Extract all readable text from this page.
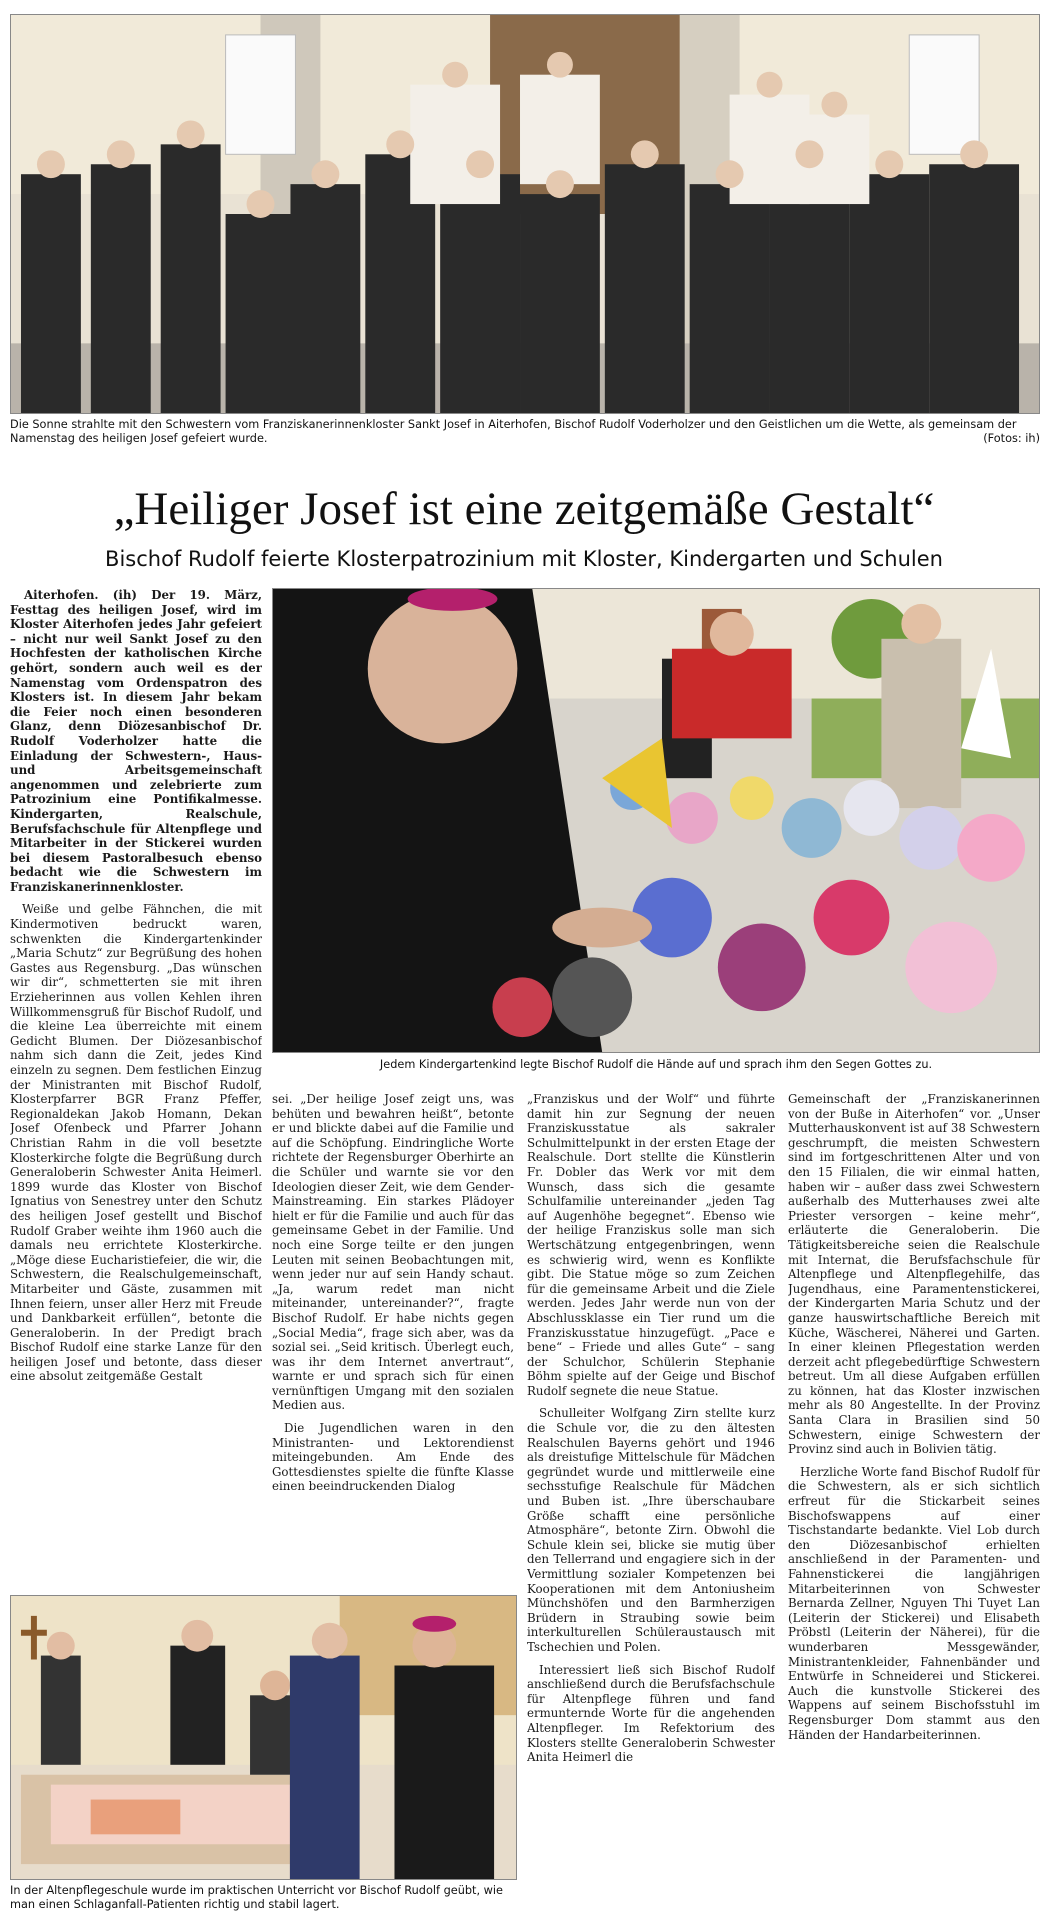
Die Sonne strahlte mit den Schwestern vom Franziskanerinnenkloster Sankt Josef in Aiterhofen, Bischof Rudolf Voderholzer und den Geistlichen um die Wette, als gemeinsam der Namenstag des heiligen Josef gefeiert wurde.	(Fotos: ih)
„Heiliger Josef ist eine zeitgemäße Gestalt“
Bischof Rudolf feierte Klosterpatrozinium mit Kloster, Kindergarten und Schulen
Jedem Kindergartenkind legte Bischof Rudolf die Hände auf und sprach ihm den Segen Gottes zu.
In der Altenpflegeschule wurde im praktischen Unterricht vor Bischof Rudolf geübt, wie man einen Schlaganfall-Patienten richtig und stabil lagert.

Aiterhofen. (ih) Der 19. März, Festtag des heiligen Josef, wird im Kloster Aiterhofen jedes Jahr gefeiert – nicht nur weil Sankt Josef zu den Hochfesten der katholischen Kirche gehört, sondern auch weil es der Namenstag vom Ordenspatron des Klosters ist. In diesem Jahr bekam die Feier noch einen besonderen Glanz, denn Diözesanbischof Dr. Rudolf Voderholzer hatte die Einladung der Schwestern-, Haus- und Arbeitsgemeinschaft angenommen und zelebrierte zum Patrozinium eine Pontifikalmesse. Kindergarten, Realschule, Berufsfachschule für Altenpflege und Mitarbeiter in der Stickerei wurden bei diesem Pastoralbesuch ebenso bedacht wie die Schwestern im Franziskanerinnenkloster.

Weiße und gelbe Fähnchen, die mit Kindermotiven bedruckt waren, schwenkten die Kindergartenkinder „Maria Schutz“ zur Begrüßung des hohen Gastes aus Regensburg. „Das wünschen wir dir“, schmetterten sie mit ihren Erzieherinnen aus vollen Kehlen ihren Willkommensgruß für Bischof Rudolf, und die kleine Lea überreichte mit einem Gedicht Blumen. Der Diözesanbischof nahm sich dann die Zeit, jedes Kind einzeln zu segnen. Dem festlichen Einzug der Ministranten mit Bischof Rudolf, Klosterpfarrer BGR Franz Pfeffer, Regionaldekan Jakob Homann, Dekan Josef Ofenbeck und Pfarrer Johann Christian Rahm in die voll besetzte Klosterkirche folgte die Begrüßung durch Generaloberin Schwester Anita Heimerl. 1899 wurde das Kloster von Bischof Ignatius von Senestrey unter den Schutz des heiligen Josef gestellt und Bischof Rudolf Graber weihte ihm 1960 auch die damals neu errichtete Klosterkirche. „Möge diese Eucharistiefeier, die wir, die Schwestern, die Realschulgemeinschaft, Mitarbeiter und Gäste, zusammen mit Ihnen feiern, unser aller Herz mit Freude und Dankbarkeit erfüllen“, betonte die Generaloberin. In der Predigt brach Bischof Rudolf eine starke Lanze für den heiligen Josef und betonte, dass dieser eine absolut zeitgemäße Gestalt

sei. „Der heilige Josef zeigt uns, was behüten und bewahren heißt“, betonte er und blickte dabei auf die Familie und auf die Schöpfung. Eindringliche Worte richtete der Regensburger Oberhirte an die Schüler und warnte sie vor den Ideologien dieser Zeit, wie dem Gender-Mainstreaming. Ein starkes Plädoyer hielt er für die Familie und auch für das gemeinsame Gebet in der Familie. Und noch eine Sorge teilte er den jungen Leuten mit seinen Beobachtungen mit, wenn jeder nur auf sein Handy schaut. „Ja, warum redet man nicht miteinander, untereinander?“, fragte Bischof Rudolf. Er habe nichts gegen „Social Media“, frage sich aber, was da sozial sei. „Seid kritisch. Überlegt euch, was ihr dem Internet anvertraut“, warnte er und sprach sich für einen vernünftigen Umgang mit den sozialen Medien aus.

Die Jugendlichen waren in den Ministranten- und Lektorendienst miteingebunden. Am Ende des Gottesdienstes spielte die fünfte Klasse einen beeindruckenden Dialog

„Franziskus und der Wolf“ und führte damit hin zur Segnung der neuen Franziskusstatue als sakraler Schulmittelpunkt in der ersten Etage der Realschule. Dort stellte die Künstlerin Fr. Dobler das Werk vor mit dem Wunsch, dass sich die gesamte Schulfamilie untereinander „jeden Tag auf Augenhöhe begegnet“. Ebenso wie der heilige Franziskus solle man sich Wertschätzung entgegenbringen, wenn es schwierig wird, wenn es Konflikte gibt. Die Statue möge so zum Zeichen für die gemeinsame Arbeit und die Ziele werden. Jedes Jahr werde nun von der Abschlussklasse ein Tier rund um die Franziskusstatue hinzugefügt. „Pace e bene“ – Friede und alles Gute“ – sang der Schulchor, Schülerin Stephanie Böhm spielte auf der Geige und Bischof Rudolf segnete die neue Statue.

Schulleiter Wolfgang Zirn stellte kurz die Schule vor, die zu den ältesten Realschulen Bayerns gehört und 1946 als dreistufige Mittelschule für Mädchen gegründet wurde und mittlerweile eine sechsstufige Realschule für Mädchen und Buben ist. „Ihre überschaubare Größe schafft eine persönliche Atmosphäre“, betonte Zirn. Obwohl die Schule klein sei, blicke sie mutig über den Tellerrand und engagiere sich in der Vermittlung sozialer Kompetenzen bei Kooperationen mit dem Antoniusheim Münchshöfen und den Barmherzigen Brüdern in Straubing sowie beim interkulturellen Schüleraustausch mit Tschechien und Polen.

Interessiert ließ sich Bischof Rudolf anschließend durch die Berufsfachschule für Altenpflege führen und fand ermunternde Worte für die angehenden Altenpfleger. Im Refektorium des Klosters stellte Generaloberin Schwester Anita Heimerl die

Gemeinschaft der „Franziskanerinnen von der Buße in Aiterhofen“ vor. „Unser Mutterhauskonvent ist auf 38 Schwestern geschrumpft, die meisten Schwestern sind im fortgeschrittenen Alter und von den 15 Filialen, die wir einmal hatten, haben wir – außer dass zwei Schwestern außerhalb des Mutterhauses zwei alte Priester versorgen – keine mehr“, erläuterte die Generaloberin. Die Tätigkeitsbereiche seien die Realschule mit Internat, die Berufsfachschule für Altenpflege und Altenpflegehilfe, das Jugendhaus, eine Paramentenstickerei, der Kindergarten Maria Schutz und der ganze hauswirtschaftliche Bereich mit Küche, Wäscherei, Näherei und Garten. In einer kleinen Pflegestation werden derzeit acht pflegebedürftige Schwestern betreut. Um all diese Aufgaben erfüllen zu können, hat das Kloster inzwischen mehr als 80 Angestellte. In der Provinz Santa Clara in Brasilien sind 50 Schwestern, einige Schwestern der Provinz sind auch in Bolivien tätig.

Herzliche Worte fand Bischof Rudolf für die Schwestern, als er sich sichtlich erfreut für die Stickarbeit seines Bischofswappens auf einer Tischstandarte bedankte. Viel Lob durch den Diözesanbischof erhielten anschließend in der Paramenten- und Fahnenstickerei die langjährigen Mitarbeiterinnen von Schwester Bernarda Zellner, Nguyen Thi Tuyet Lan (Leiterin der Stickerei) und Elisabeth Pröbstl (Leiterin der Näherei), für die wunderbaren Messgewänder, Ministrantenkleider, Fahnenbänder und Entwürfe in Schneiderei und Stickerei. Auch die kunstvolle Stickerei des Wappens auf seinem Bischofsstuhl im Regensburger Dom stammt aus den Händen der Handarbeiterinnen.
